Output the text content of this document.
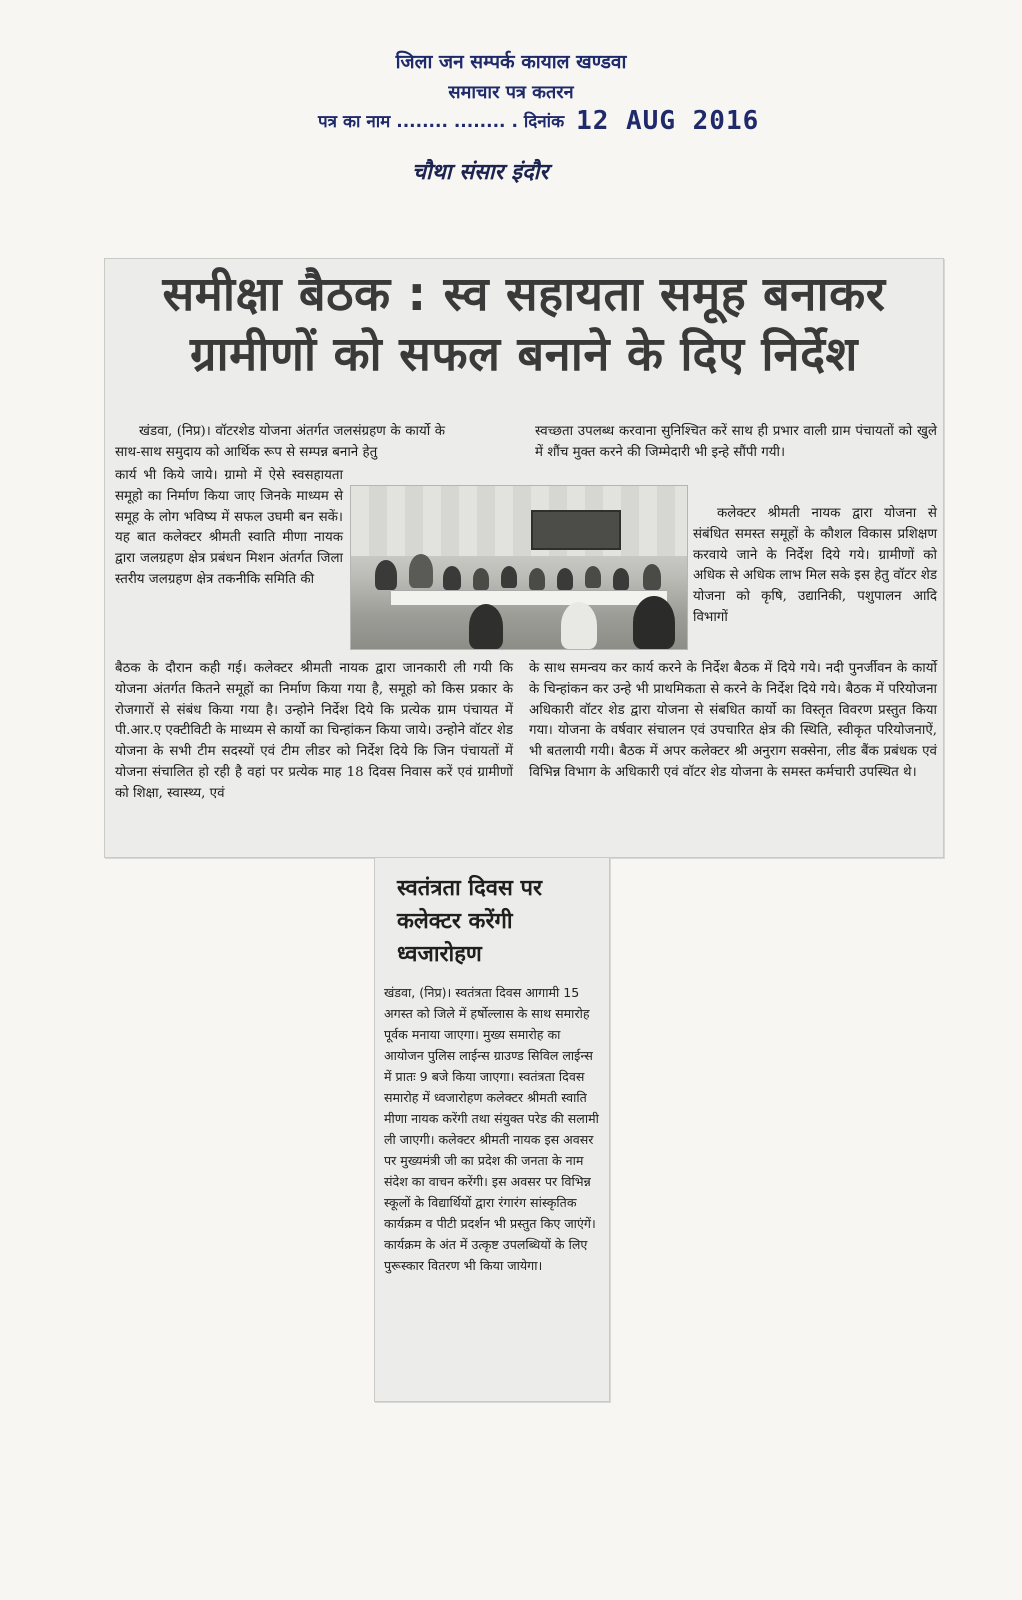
जिला जन सम्पर्क कायाल खण्डवा
समाचार पत्र कतरन
पत्र का नाम ........ ........ . दिनांक 12 AUG 2016
चौथा संसार इंदौर
समीक्षा बैठक : स्व सहायता समूह बनाकर
ग्रामीणों को सफल बनाने के दिए निर्देश

खंडवा, (निप्र)। वॉटरशेड योजना अंतर्गत जलसंग्रहण के कार्यो के साथ-साथ समुदाय को आर्थिक रूप से सम्पन्न बनाने हेतु

कार्य भी किये जाये। ग्रामो में ऐसे स्वसहायता समूहो का निर्माण किया जाए जिनके माध्यम से समूह के लोग भविष्य में सफल उघमी बन सकें। यह बात कलेक्टर श्रीमती स्वाति मीणा नायक द्वारा जलग्रहण क्षेत्र प्रबंधन मिशन अंतर्गत जिला स्तरीय जलग्रहण क्षेत्र तकनीकि समिति की

बैठक के दौरान कही गई। कलेक्टर श्रीमती नायक द्वारा जानकारी ली गयी कि योजना अंतर्गत कितने समूहों का निर्माण किया गया है, समूहो को किस प्रकार के रोजगारों से संबंध किया गया है। उन्होने निर्देश दिये कि प्रत्येक ग्राम पंचायत में पी.आर.ए एक्टीविटी के माध्यम से कार्यो का चिन्हांकन किया जाये। उन्होने वॉटर शेड योजना के सभी टीम सदस्यों एवं टीम लीडर को निर्देश दिये कि जिन पंचायतों में योजना संचालित हो रही है वहां पर प्रत्येक माह 18 दिवस निवास करें एवं ग्रामीणों को शिक्षा, स्वास्थ्य, एवं

स्वच्छता उपलब्ध करवाना सुनिश्चित करें साथ ही प्रभार वाली ग्राम पंचायतों को खुले में शौंच मुक्त करने की जिम्मेदारी भी इन्हे सौंपी गयी।

कलेक्टर श्रीमती नायक द्वारा योजना से संबंधित समस्त समूहों के कौशल विकास प्रशिक्षण करवाये जाने के निर्देश दिये गये। ग्रामीणों को अधिक से अधिक लाभ मिल सके इस हेतु वॉटर शेड योजना को कृषि, उद्यानिकी, पशुपालन आदि विभागों

के साथ समन्वय कर कार्य करने के निर्देश बैठक में दिये गये। नदी पुनर्जीवन के कार्यो के चिन्हांकन कर उन्हे भी प्राथमिकता से करने के निर्देश दिये गये। बैठक में परियोजना अधिकारी वॉटर शेड द्वारा योजना से संबधित कार्यो का विस्तृत विवरण प्रस्तुत किया गया। योजना के वर्षवार संचालन एवं उपचारित क्षेत्र की स्थिति, स्वीकृत परियोजनाऐं, भी बतलायी गयी। बैठक में अपर कलेक्टर श्री अनुराग सक्सेना, लीड बैंक प्रबंधक एवं विभिन्न विभाग के अधिकारी एवं वॉटर शेड योजना के समस्त कर्मचारी उपस्थित थे।

स्वतंत्रता दिवस पर कलेक्टर करेंगी ध्वजारोहण

खंडवा, (निप्र)। स्वतंत्रता दिवस आगामी 15 अगस्त को जिले में हर्षोल्लास के साथ समारोह पूर्वक मनाया जाएगा। मुख्य समारोह का आयोजन पुलिस लाईन्स ग्राउण्ड सिविल लाईन्स में प्रातः 9 बजे किया जाएगा। स्वतंत्रता दिवस समारोह में ध्वजारोहण कलेक्टर श्रीमती स्वाति मीणा नायक करेंगी तथा संयुक्त परेड की सलामी ली जाएगी। कलेक्टर श्रीमती नायक इस अवसर पर मुख्यमंत्री जी का प्रदेश की जनता के नाम संदेश का वाचन करेंगी। इस अवसर पर विभिन्न स्कूलों के विद्यार्थियों द्वारा रंगारंग सांस्कृतिक कार्यक्रम व पीटी प्रदर्शन भी प्रस्तुत किए जाएंगें। कार्यक्रम के अंत में उत्कृष्ट उपलब्धियों के लिए पुरूस्कार वितरण भी किया जायेगा।
